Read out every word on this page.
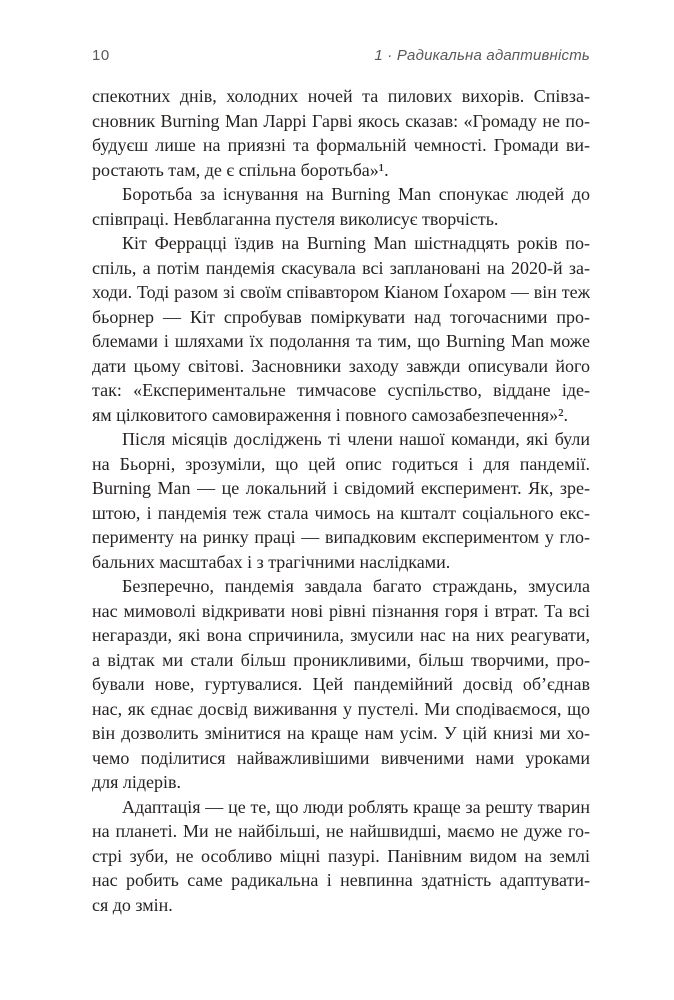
10	1 · Радикальна адаптивність
спекотних днів, холодних ночей та пилових вихорів. Співза-
сновник Burning Man Ларрі Гарві якось сказав: «Громаду не по-
будуєш лише на приязні та формальній чемності. Громади ви-
ростають там, де є спільна боротьба»¹.
Боротьба за існування на Burning Man спонукає людей до
співпраці. Невблаганна пустеля виколисує творчість.
Кіт Феррацці їздив на Burning Man шістнадцять років по-
спіль, а потім пандемія скасувала всі заплановані на 2020-й за-
ходи. Тоді разом зі своїм співавтором Кіаном Ґохаром — він теж
бьорнер — Кіт спробував поміркувати над тогочасними про-
блемами і шляхами їх подолання та тим, що Burning Man може
дати цьому світові. Засновники заходу завжди описували його
так: «Експериментальне тимчасове суспільство, віддане іде-
ям цілковитого самовираження і повного самозабезпечення»².
Після місяців досліджень ті члени нашої команди, які були
на Бьорні, зрозуміли, що цей опис годиться і для пандемії.
Burning Man — це локальний і свідомий експеримент. Як, зре-
штою, і пандемія теж стала чимось на кшталт соціального екс-
перименту на ринку праці — випадковим експериментом у гло-
бальних масштабах і з трагічними наслідками.
Безперечно, пандемія завдала багато страждань, змусила
нас мимоволі відкривати нові рівні пізнання горя і втрат. Та всі
негаразди, які вона спричинила, змусили нас на них реагувати,
а відтак ми стали більш проникливими, більш творчими, про-
бували нове, гуртувалися. Цей пандемійний досвід об’єднав
нас, як єднає досвід виживання у пустелі. Ми сподіваємося, що
він дозволить змінитися на краще нам усім. У цій книзі ми хо-
чемо поділитися найважливішими вивченими нами уроками
для лідерів.
Адаптація — це те, що люди роблять краще за решту тварин
на планеті. Ми не найбільші, не найшвидші, маємо не дуже го-
стрі зуби, не особливо міцні пазурі. Панівним видом на землі
нас робить саме радикальна і невпинна здатність адаптувати-
ся до змін.
